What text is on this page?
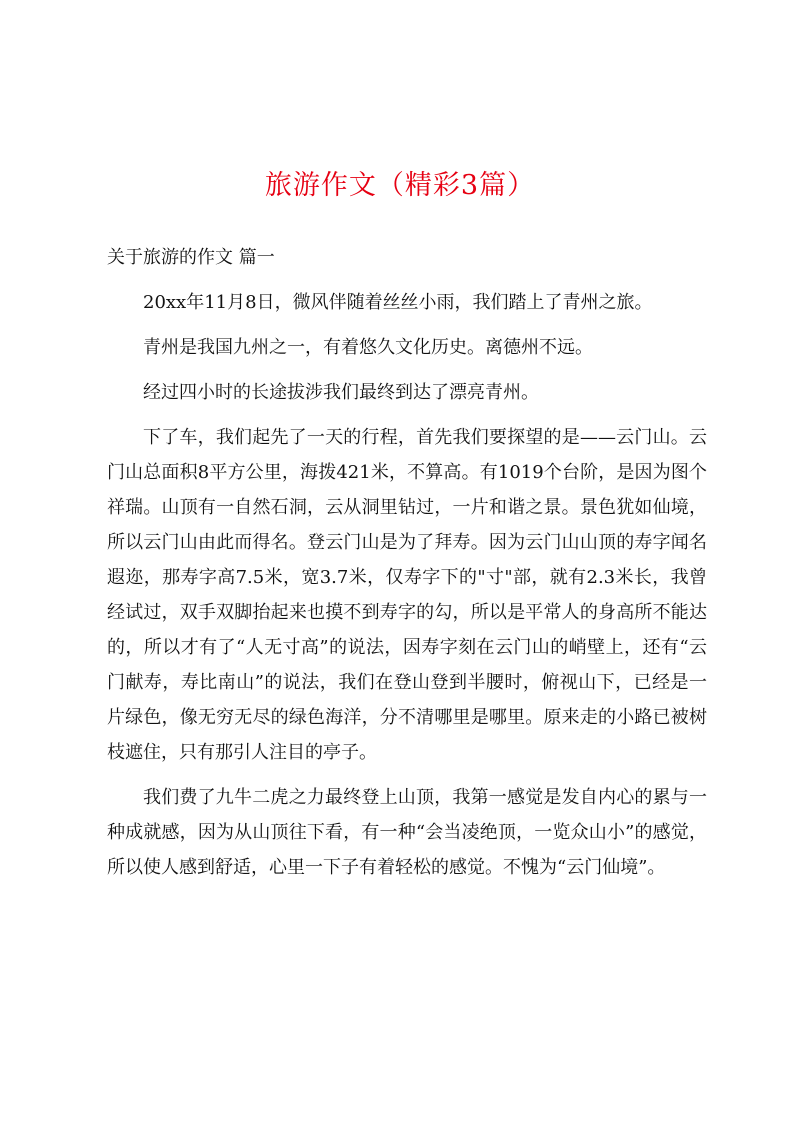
旅游作文（精彩3篇）
关于旅游的作文 篇一

20xx年11月8日，微风伴随着丝丝小雨，我们踏上了青州之旅。

青州是我国九州之一，有着悠久文化历史。离德州不远。

经过四小时的长途拔涉我们最终到达了漂亮青州。

下了车，我们起先了一天的行程，首先我们要探望的是——云门山。云门山总面积8平方公里，海拨421米，不算高。有1019个台阶，是因为图个祥瑞。山顶有一自然石洞，云从洞里钻过，一片和谐之景。景色犹如仙境，所以云门山由此而得名。登云门山是为了拜寿。因为云门山山顶的寿字闻名遐迩，那寿字高7.5米，宽3.7米，仅寿字下的"寸"部，就有2.3米长，我曾经试过，双手双脚抬起来也摸不到寿字的勾，所以是平常人的身高所不能达的，所以才有了“人无寸高”的说法，因寿字刻在云门山的峭壁上，还有“云门献寿，寿比南山”的说法，我们在登山登到半腰时，俯视山下，已经是一片绿色，像无穷无尽的绿色海洋，分不清哪里是哪里。原来走的小路已被树枝遮住，只有那引人注目的亭子。

我们费了九牛二虎之力最终登上山顶，我第一感觉是发自内心的累与一种成就感，因为从山顶往下看，有一种“会当凌绝顶，一览众山小”的感觉，所以使人感到舒适，心里一下子有着轻松的感觉。不愧为“云门仙境”。
